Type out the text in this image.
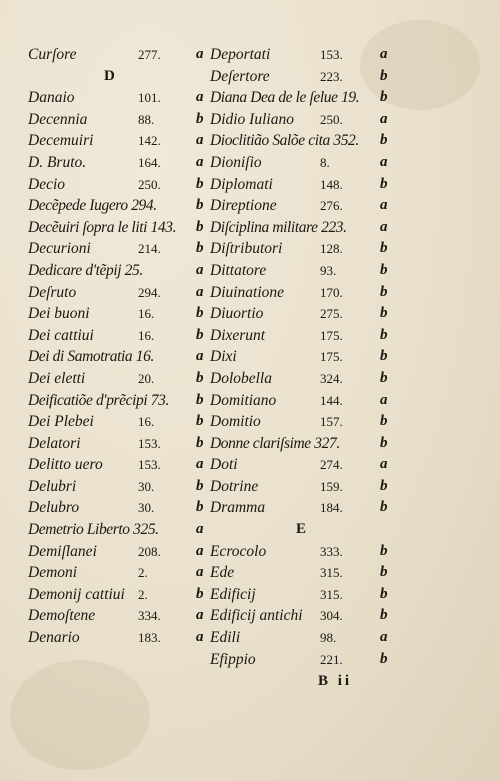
Curſore	277. a
D
Danaio	101. a
Decennia	88.	b
Decemuiri	142. a
D. Bruto.	164. a
Decio	250. b
Decẽpede Iugero 294.	b
Decẽuiri ſopra le liti 143. b
Decurioni	214. b
Dedicare d'tẽpij 25.	a
Deſruto	294. a
Dei buoni	16.	b
Dei cattiui	16.	b
Dei di Samotratia 16.	a
Dei eletti	20.	b
Deificatiõe d'prẽcipi 73. b
Dei Plebei	16.	b
Delatori	153. b
Delitto uero	153. a
Delubri	30.	b
Delubro	30.	b
Demetrio Liberto 325. a
Demiſlanei	208. a
Demoni	2.	a
Demonij cattiui 2.	b
Demoſtene	334. a
Denario	183. a
Deportati	153. a
Deſertore	223. b
Diana Dea de le ſelue 19. b
Didio Iuliano 250. a
Dioclitião Salõe cita 352. b
Dioniſio	8.	a
Diplomati	148. b
Direptione	276. a
Diſciplina militare 223. a
Diſtributori	128. b
Dittatore	93.	b
Diuinatione	170. b
Diuortio	275. b
Dixerunt	175. b
Dixi	175. b
Dolobella	324. b
Domitiano	144. a
Domitio	157. b
Donne clariſsime 327.	b
Doti	274. a
Dotrine	159. b
Dramma	184. b
E
Ecrocolo	333. b
Ede	315. b
Edificij	315. b
Edificij antichi 304. b
Edili	98.	a
Efippio	221. b
B ii
